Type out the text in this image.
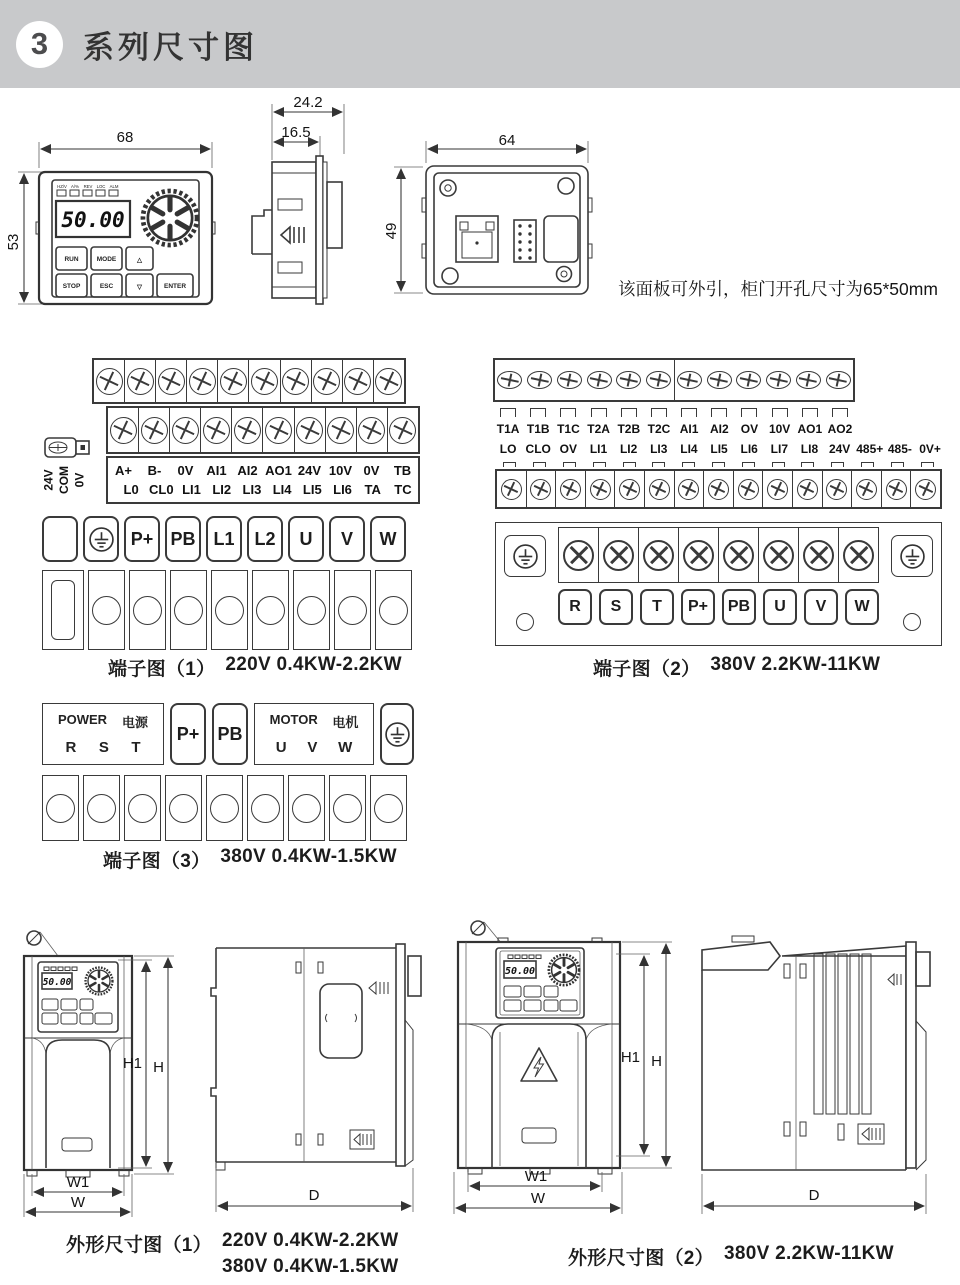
3	系列尺寸图
68
53
HZ/V A/% REV LOC ALM
50.00
RUN	MODE	△
STOP	ESC	▽	ENTER
24.2
16.5	64
49
该面板可外引，柜门开孔尺寸为65*50mm
A+	B-	0V AI1 AI2 AO1 24V 10V 0V	TB
L0 CL0 LI1 LI2 LI3 LI4 LI5 LI6 TA	TC
24V COM 0V
P+ PB L1	L2	U	V	W
端子图（1） 220V 0.4KW-2.2KW
T1A T1B T1C T2A T2B T2C AI1 AI2	OV 10V AO1 AO2
LO CLO OV	LI1	LI2	LI3	LI4	LI5	LI6	LI7	LI8 24V 485+ 485- 0V+
R	S	T	P+	PB	U	V	W
端子图（2） 380V 2.2KW-11KW
POWER 电源
R S T
P+	PB
MOTOR 电机
U V W
端子图（3） 380V 0.4KW-1.5KW
50.00
H1 H
W1
W	D
50.00
H1 H
W1
W	D
外形尺寸图（1） 220V 0.4KW-2.2KW
380V 0.4KW-1.5KW	外形尺寸图（2） 380V 2.2KW-11KW
